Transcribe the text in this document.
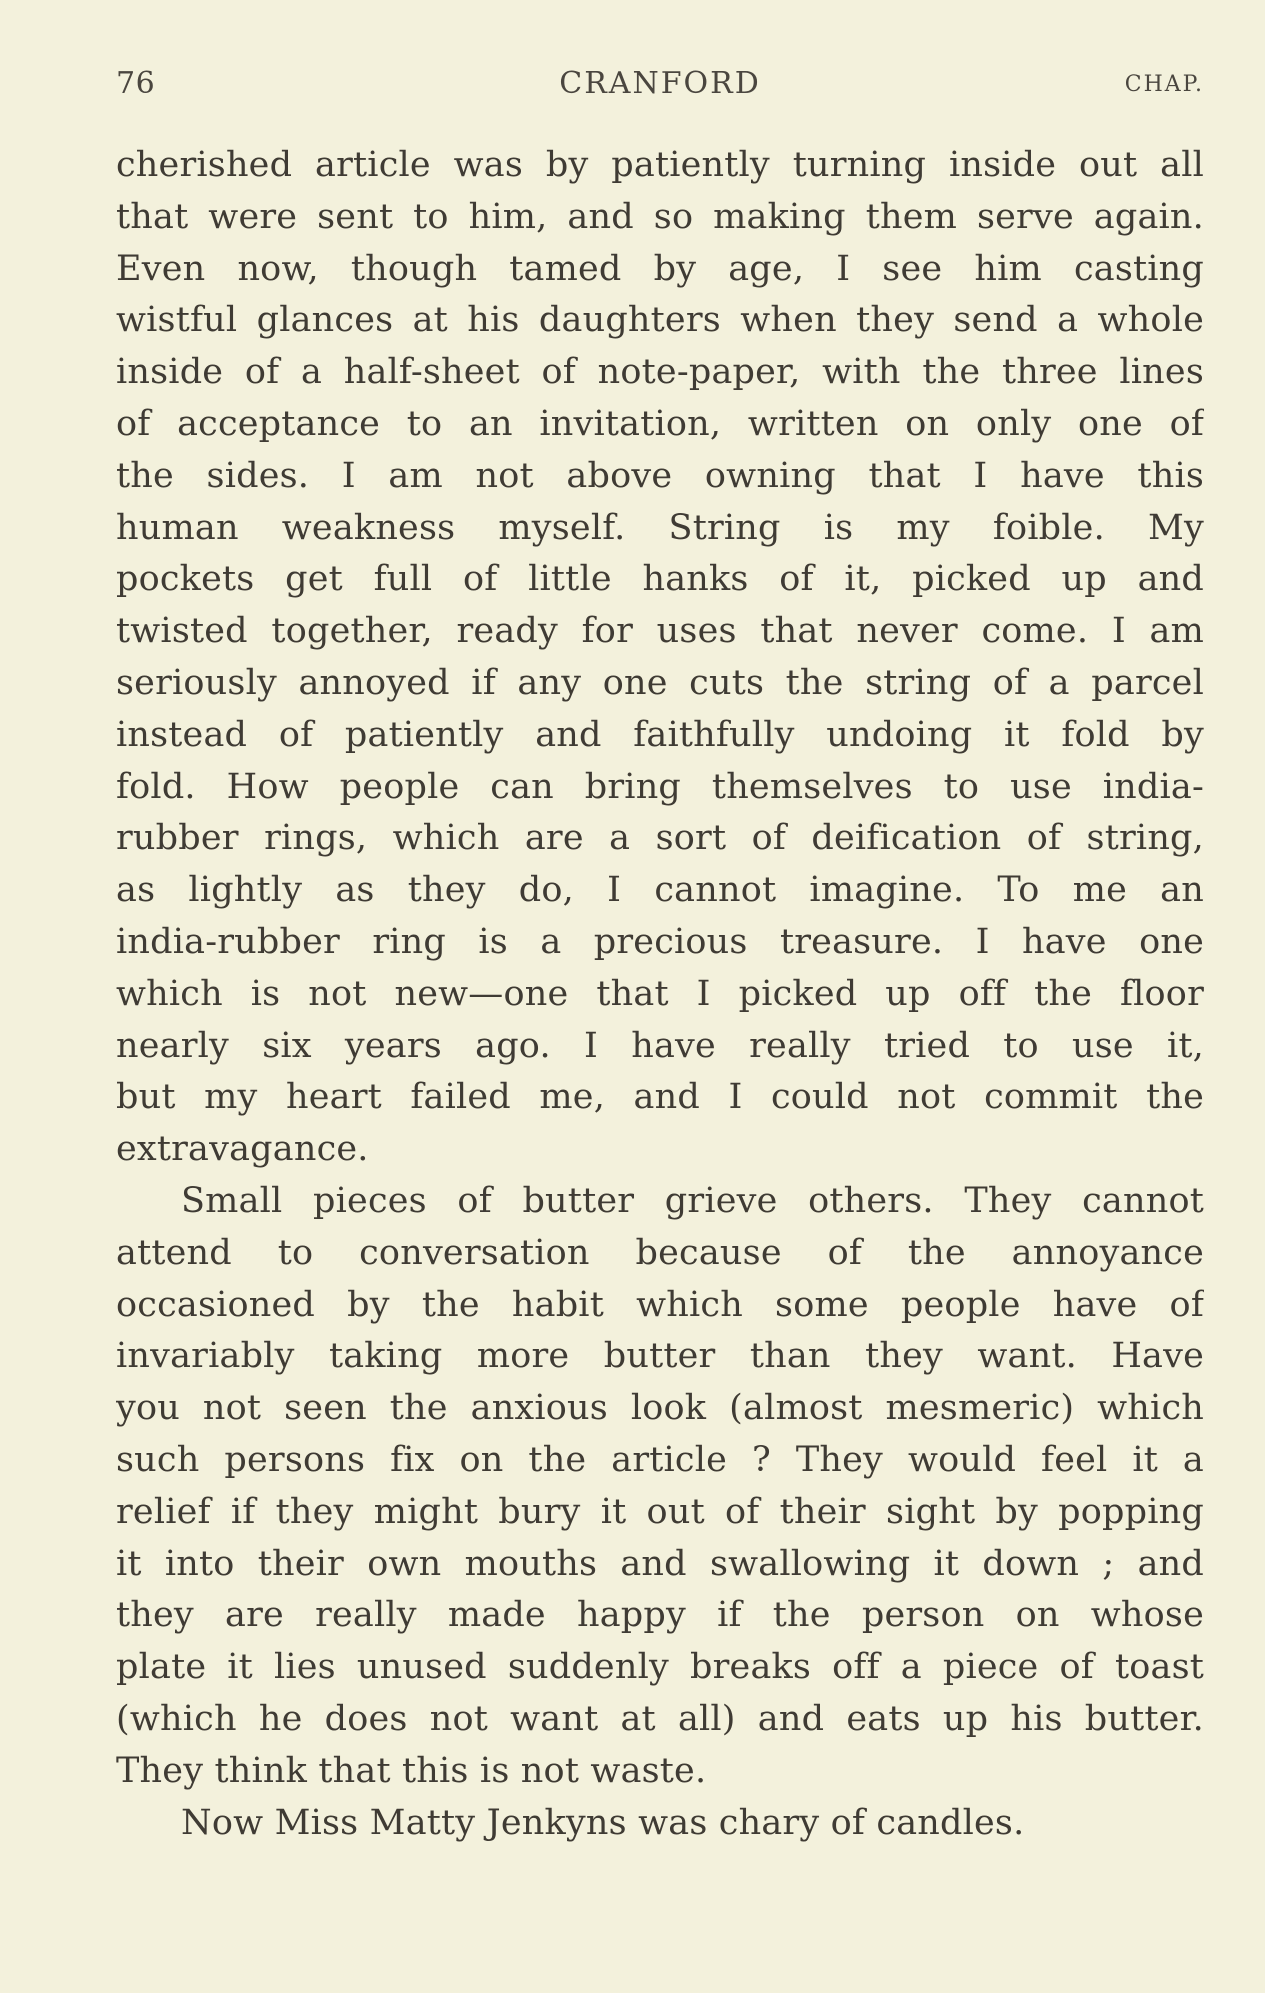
76	CRANFORD	CHAP.
cherished article was by patiently turning inside out all
that were sent to him, and so making them serve again.
Even now, though tamed by age, I see him casting
wistful glances at his daughters when they send a whole
inside of a half-sheet of note-paper, with the three lines
of acceptance to an invitation, written on only one of
the sides. I am not above owning that I have this
human weakness myself. String is my foible. My
pockets get full of little hanks of it, picked up and
twisted together, ready for uses that never come. I am
seriously annoyed if any one cuts the string of a parcel
instead of patiently and faithfully undoing it fold by
fold. How people can bring themselves to use india-
rubber rings, which are a sort of deification of string,
as lightly as they do, I cannot imagine. To me an
india-rubber ring is a precious treasure. I have one
which is not new—one that I picked up off the floor
nearly six years ago. I have really tried to use it,
but my heart failed me, and I could not commit the
extravagance.
Small pieces of butter grieve others. They cannot
attend to conversation because of the annoyance
occasioned by the habit which some people have of
invariably taking more butter than they want. Have
you not seen the anxious look (almost mesmeric) which
such persons fix on the article ? They would feel it a
relief if they might bury it out of their sight by popping
it into their own mouths and swallowing it down ; and
they are really made happy if the person on whose
plate it lies unused suddenly breaks off a piece of toast
(which he does not want at all) and eats up his butter.
They think that this is not waste.
Now Miss Matty Jenkyns was chary of candles.
